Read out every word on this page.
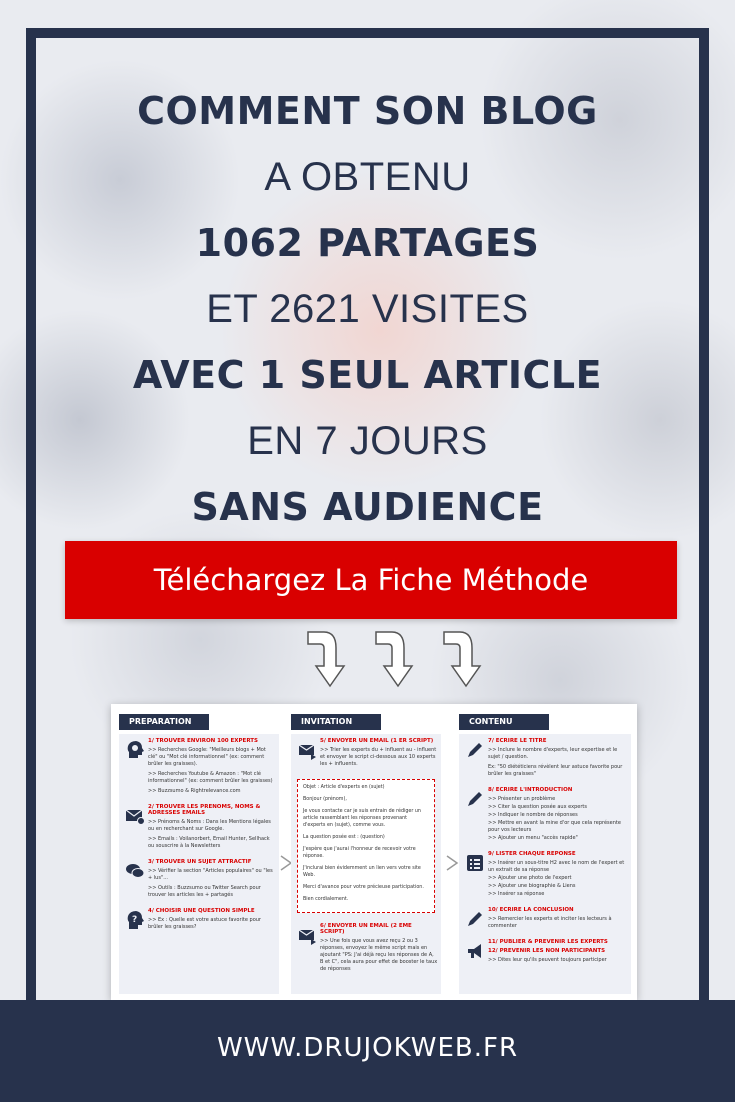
COMMENT SON BLOG
A OBTENU
1062 PARTAGES
ET 2621 VISITES
AVEC 1 SEUL ARTICLE
EN 7 JOURS
SANS AUDIENCE
Téléchargez La Fiche Méthode
PREPARATION
1/ TROUVER ENVIRON 100 EXPERTS
>> Recherches Google: "Meilleurs blogs + Mot clé" ou "Mot clé informationnel" (ex: comment brûler les graisses).
>> Recherches Youtube & Amazon : "Mot clé informationnel" (ex: comment brûler les graisses)
>> Buzzsumo & Rightrelevance.com
2/ TROUVER LES PRENOMS, NOMS & ADRESSES EMAILS
>> Prénoms & Noms : Dans les Mentions légales ou en recherchant sur Google.
>> Emails : Voilanorbert, Email Hunter, Sellhack ou souscrire à la Newsletters
3/ TROUVER UN SUJET ATTRACTIF
>> Vérifier la section "Articles populaires" ou "les + lus"...
>> Outils : Buzzsumo ou Twitter Search pour trouver les articles les + partagés
?
4/ CHOISIR UNE QUESTION SIMPLE
>> Ex : Quelle est votre astuce favorite pour brûler les graisses?
INVITATION
5/ ENVOYER UN EMAIL (1 ER SCRIPT)
>> Trier les experts du + influent au - influent et envoyer le script ci-dessous aux 10 experts les + influents.
Objet : Article d'experts en (sujet)
Bonjour (prénom),
Je vous contacte car je suis entrain de rédiger un article rassemblant les réponses provenant d'experts en (sujet), comme vous.
La question posée est : (question)
J'espère que j'aurai l'honneur de recevoir votre réponse.
J'inclurai bien évidemment un lien vers votre site Web.
Merci d'avance pour votre précieuse participation.
Bien cordialement.
6/ ENVOYER UN EMAIL (2 EME SCRIPT)
>> Une fois que vous avez reçu 2 ou 3 réponses, envoyez le même script mais en ajoutant "PS: J'ai déjà reçu les réponses de A, B et C", cela aura pour effet de booster le taux de réponses
CONTENU
7/ ECRIRE LE TITRE
>> Inclure le nombre d'experts, leur expertise et le sujet / question.
Ex: "50 diététiciens révèlent leur astuce favorite pour brûler les graisses"
8/ ECRIRE L'INTRODUCTION
>> Présenter un problème
>> Citer la question posée aux experts
>> Indiquer le nombre de réponses
>> Mettre en avant la mine d'or que cela représente pour vos lecteurs
>> Ajouter un menu "accès rapide"
9/ LISTER CHAQUE REPONSE
>> Insérer un sous-titre H2 avec le nom de l'expert et un extrait de sa réponse
>> Ajouter une photo de l'expert
>> Ajouter une biographie & Liens
>> Insérer sa réponse
10/ ECRIRE LA CONCLUSION
>> Remercier les experts et inciter les lecteurs à commenter
11/ PUBLIER & PREVENIR LES EXPERTS
12/ PREVENIR LES NON PARTICIPANTS
>> Dites leur qu'ils peuvent toujours participer
WWW.DRUJOKWEB.FR
